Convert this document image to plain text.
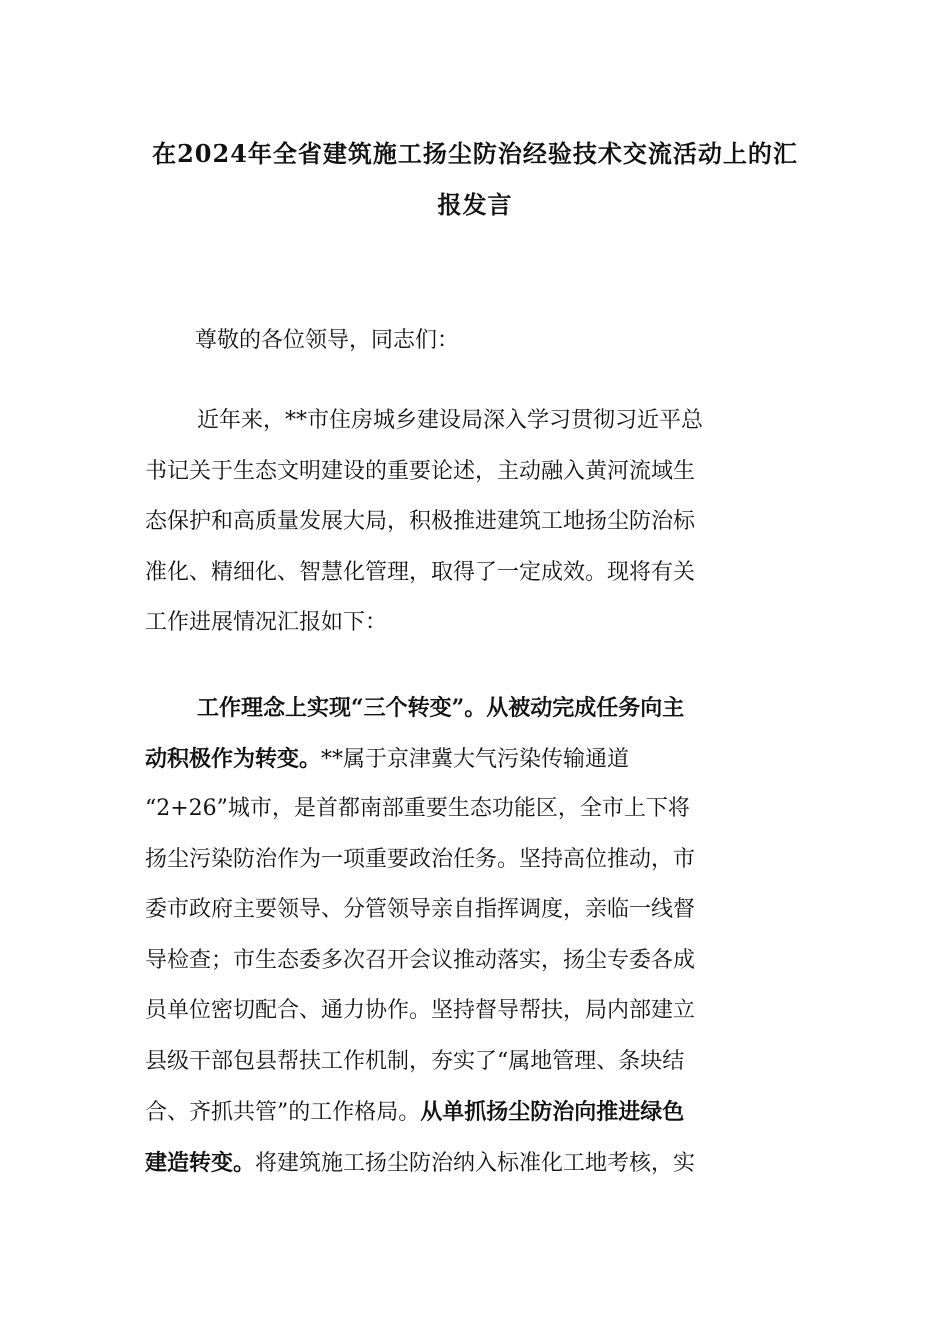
在2024年全省建筑施工扬尘防治经验技术交流活动上的汇
报发言
尊敬的各位领导，同志们：
近年来，**市住房城乡建设局深入学习贯彻习近平总
书记关于生态文明建设的重要论述，主动融入黄河流域生
态保护和高质量发展大局，积极推进建筑工地扬尘防治标
准化、精细化、智慧化管理，取得了一定成效。现将有关
工作进展情况汇报如下：
工作理念上实现“三个转变”。从被动完成任务向主
动积极作为转变。**属于京津冀大气污染传输通道
“2+26”城市，是首都南部重要生态功能区，全市上下将
扬尘污染防治作为一项重要政治任务。坚持高位推动，市
委市政府主要领导、分管领导亲自指挥调度，亲临一线督
导检查；市生态委多次召开会议推动落实，扬尘专委各成
员单位密切配合、通力协作。坚持督导帮扶，局内部建立
县级干部包县帮扶工作机制，夯实了“属地管理、条块结
合、齐抓共管”的工作格局。从单抓扬尘防治向推进绿色
建造转变。将建筑施工扬尘防治纳入标准化工地考核，实
